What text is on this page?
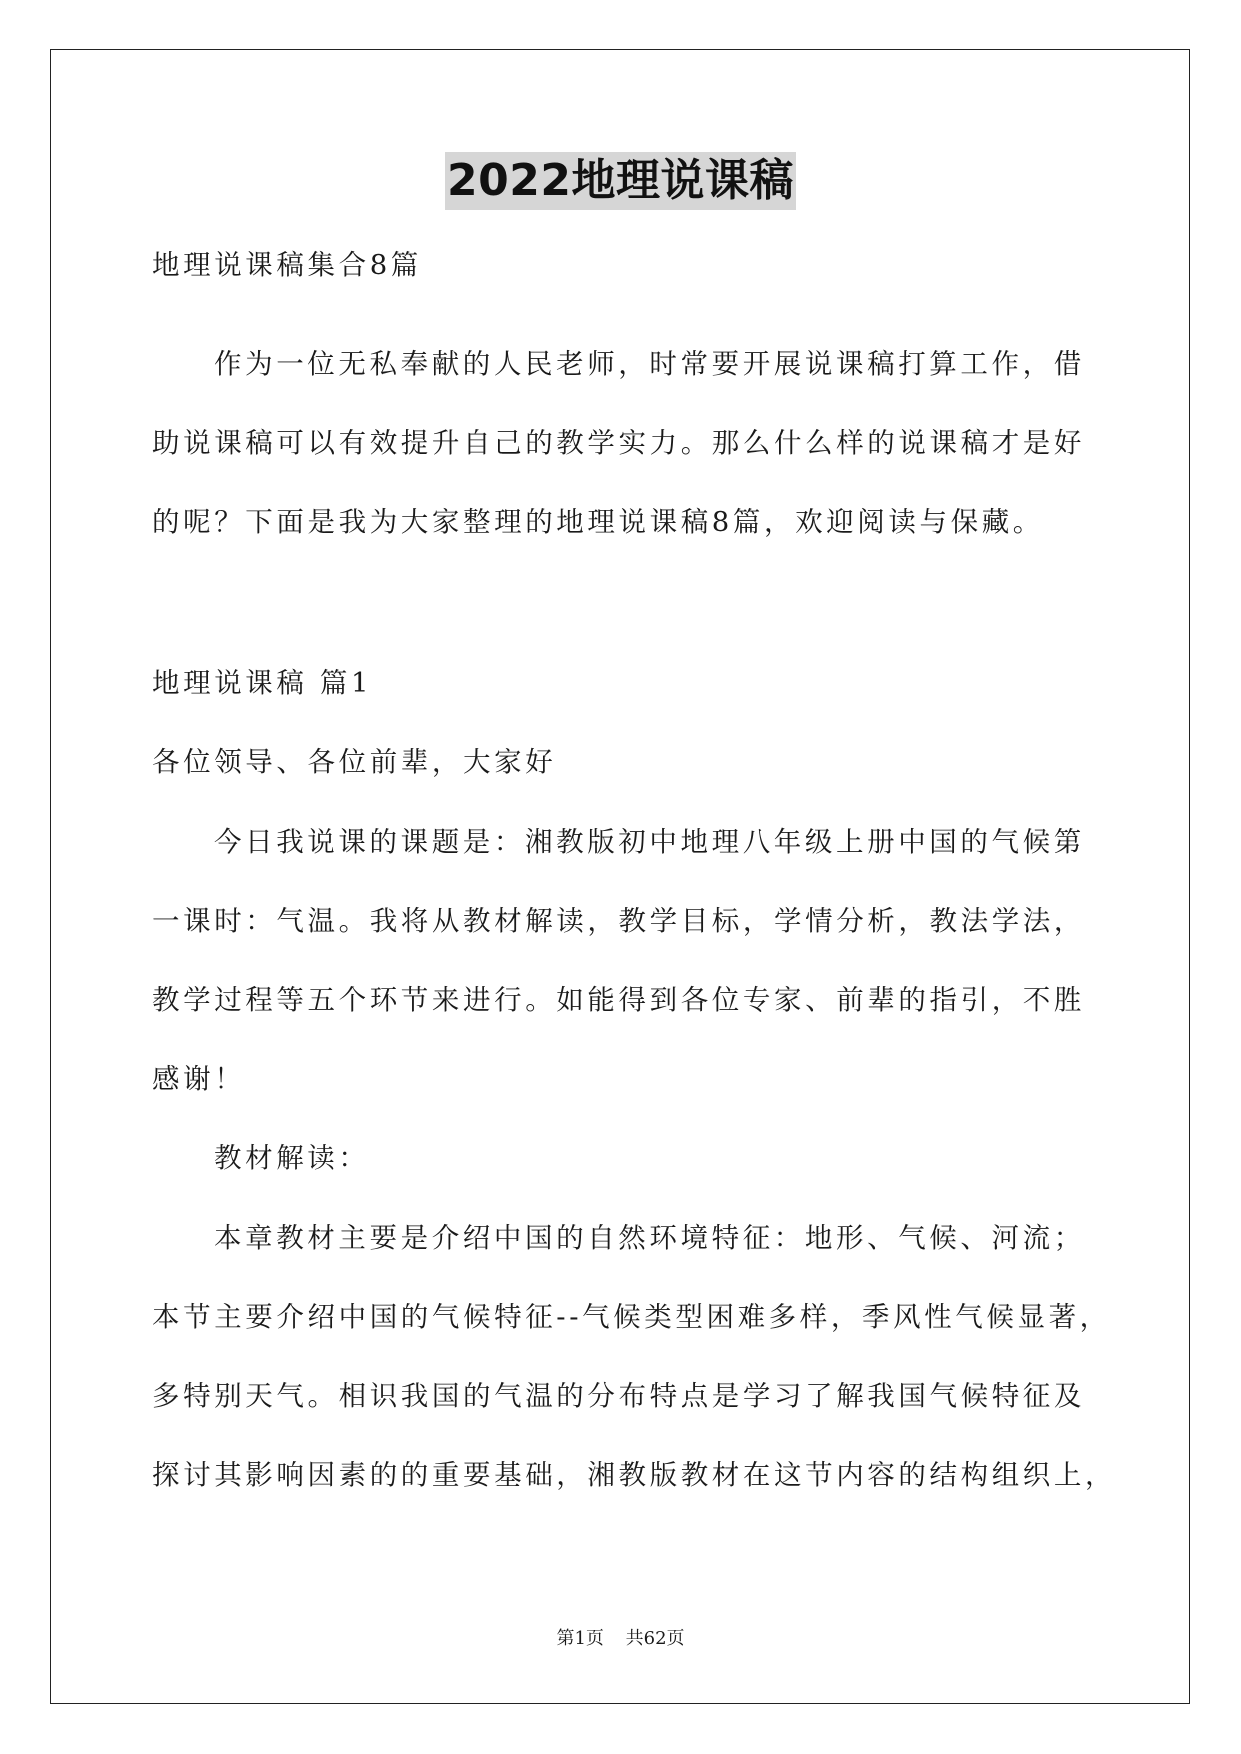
2022地理说课稿
地理说课稿集合8篇
作为一位无私奉献的人民老师，时常要开展说课稿打算工作，借
助说课稿可以有效提升自己的教学实力。那么什么样的说课稿才是好
的呢？下面是我为大家整理的地理说课稿8篇，欢迎阅读与保藏。
地理说课稿 篇1
各位领导、各位前辈，大家好
今日我说课的课题是：湘教版初中地理八年级上册中国的气候第
一课时：气温。我将从教材解读，教学目标，学情分析，教法学法，
教学过程等五个环节来进行。如能得到各位专家、前辈的指引，不胜
感谢！
教材解读：
本章教材主要是介绍中国的自然环境特征：地形、气候、河流；
本节主要介绍中国的气候特征--气候类型困难多样，季风性气候显著，
多特别天气。相识我国的气温的分布特点是学习了解我国气候特征及
探讨其影响因素的的重要基础，湘教版教材在这节内容的结构组织上，
第1页 共62页
